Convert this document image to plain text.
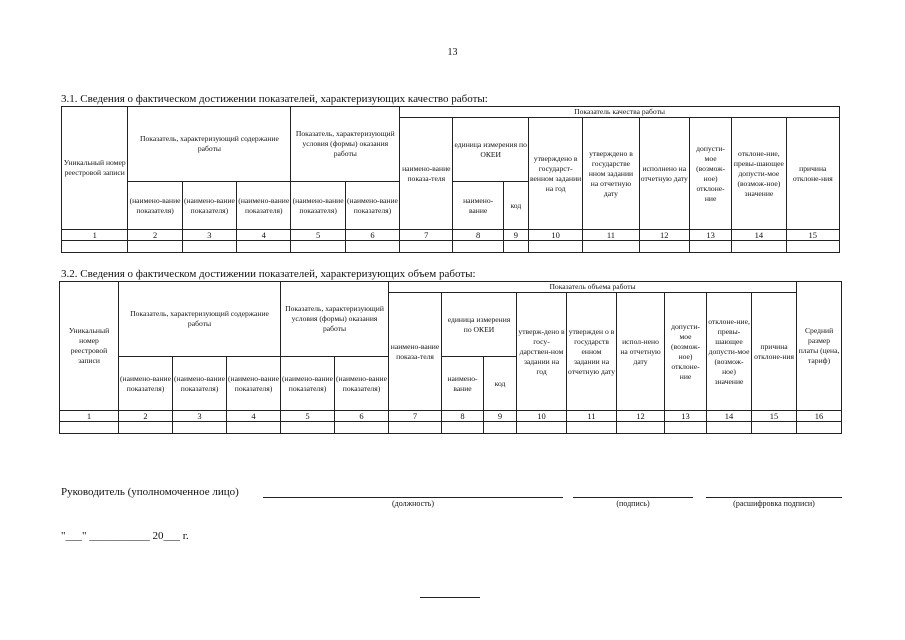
13
3.1. Сведения о фактическом достижении показателей, характеризующих качество работы:
Уникальный номер реестровой записи	Показатель, характеризующий содержание работы			Показатель, характеризующий условия (формы) оказания работы		Показатель качества работы								
						наимено-вание показа-теля	единица измерения по ОКЕИ		утверждено в государст-венном задании на год	утверждено в государстве нном задании на отчетную дату	исполнено на отчетную дату	допусти-мое (возмож-ное) отклоне-ние	отклоне-ние, превы-шающее допусти-мое (возмож-ное) значение	причина отклоне-ния
	(наимено-вание показателя)	(наимено-вание показателя)	(наимено-вание показателя)	(наимено-вание показателя)	(наимено-вание показателя)		наимено-вание	код						
1	2	3	4	5	6	7	8	9	10	11	12	13	14	15

3.2. Сведения о фактическом достижении показателей, характеризующих объем работы:
Уникальный номер реестровой записи	Показатель, характеризующий содержание работы			Показатель, характеризующий условия (формы) оказания работы		Показатель объема работы									Средний размер платы (цена, тариф)
						наимено-вание показа-теля	единица измерения по ОКЕИ		утверж-дено в госу-дарствен-ном задании на год	утвержден о в государств енном задании на отчетную дату	испол-нено на отчетную дату	допусти-мое (возмож-ное) отклоне-ние	отклоне-ние, превы-шающее допусти-мое (возмож-ное) значение	причина отклоне-ния	
	(наимено-вание показателя)	(наимено-вание показателя)	(наимено-вание показателя)	(наимено-вание показателя)	(наимено-вание показателя)		наимено-вание	код							
1	2	3	4	5	6	7	8	9	10	11	12	13	14	15	16

Руководитель (уполномоченное лицо)
(должность)	(подпись)	(расшифровка подписи)
"___" ___________ 20___ г.
